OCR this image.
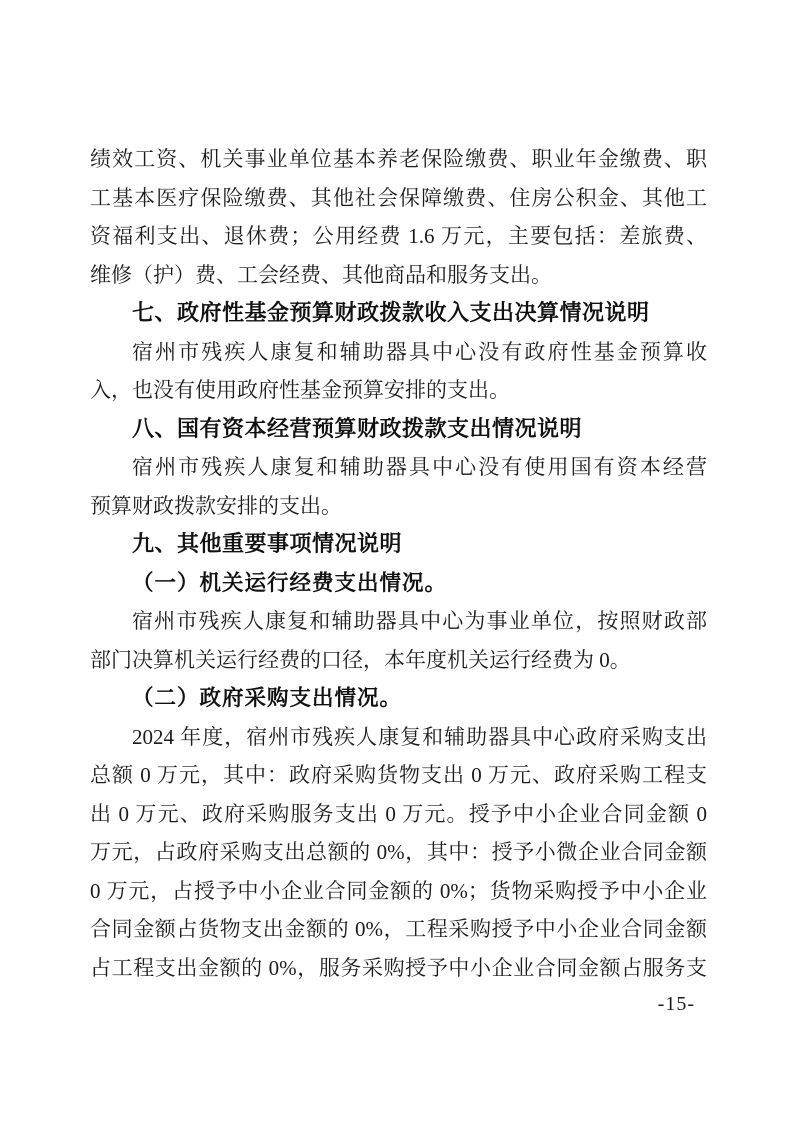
绩效工资、机关事业单位基本养老保险缴费、职业年金缴费、职
工基本医疗保险缴费、其他社会保障缴费、住房公积金、其他工
资福利支出、退休费；公用经费 1.6 万元，主要包括：差旅费、
维修（护）费、工会经费、其他商品和服务支出。
七、政府性基金预算财政拨款收入支出决算情况说明
宿州市残疾人康复和辅助器具中心没有政府性基金预算收
入，也没有使用政府性基金预算安排的支出。
八、国有资本经营预算财政拨款支出情况说明
宿州市残疾人康复和辅助器具中心没有使用国有资本经营
预算财政拨款安排的支出。
九、其他重要事项情况说明
（一）机关运行经费支出情况。
宿州市残疾人康复和辅助器具中心为事业单位，按照财政部
部门决算机关运行经费的口径，本年度机关运行经费为 0。
（二）政府采购支出情况。
2024 年度，宿州市残疾人康复和辅助器具中心政府采购支出
总额 0 万元，其中：政府采购货物支出 0 万元、政府采购工程支
出 0 万元、政府采购服务支出 0 万元。授予中小企业合同金额 0
万元，占政府采购支出总额的 0%，其中：授予小微企业合同金额
0 万元，占授予中小企业合同金额的 0%；货物采购授予中小企业
合同金额占货物支出金额的 0%，工程采购授予中小企业合同金额
占工程支出金额的 0%，服务采购授予中小企业合同金额占服务支
-15-
